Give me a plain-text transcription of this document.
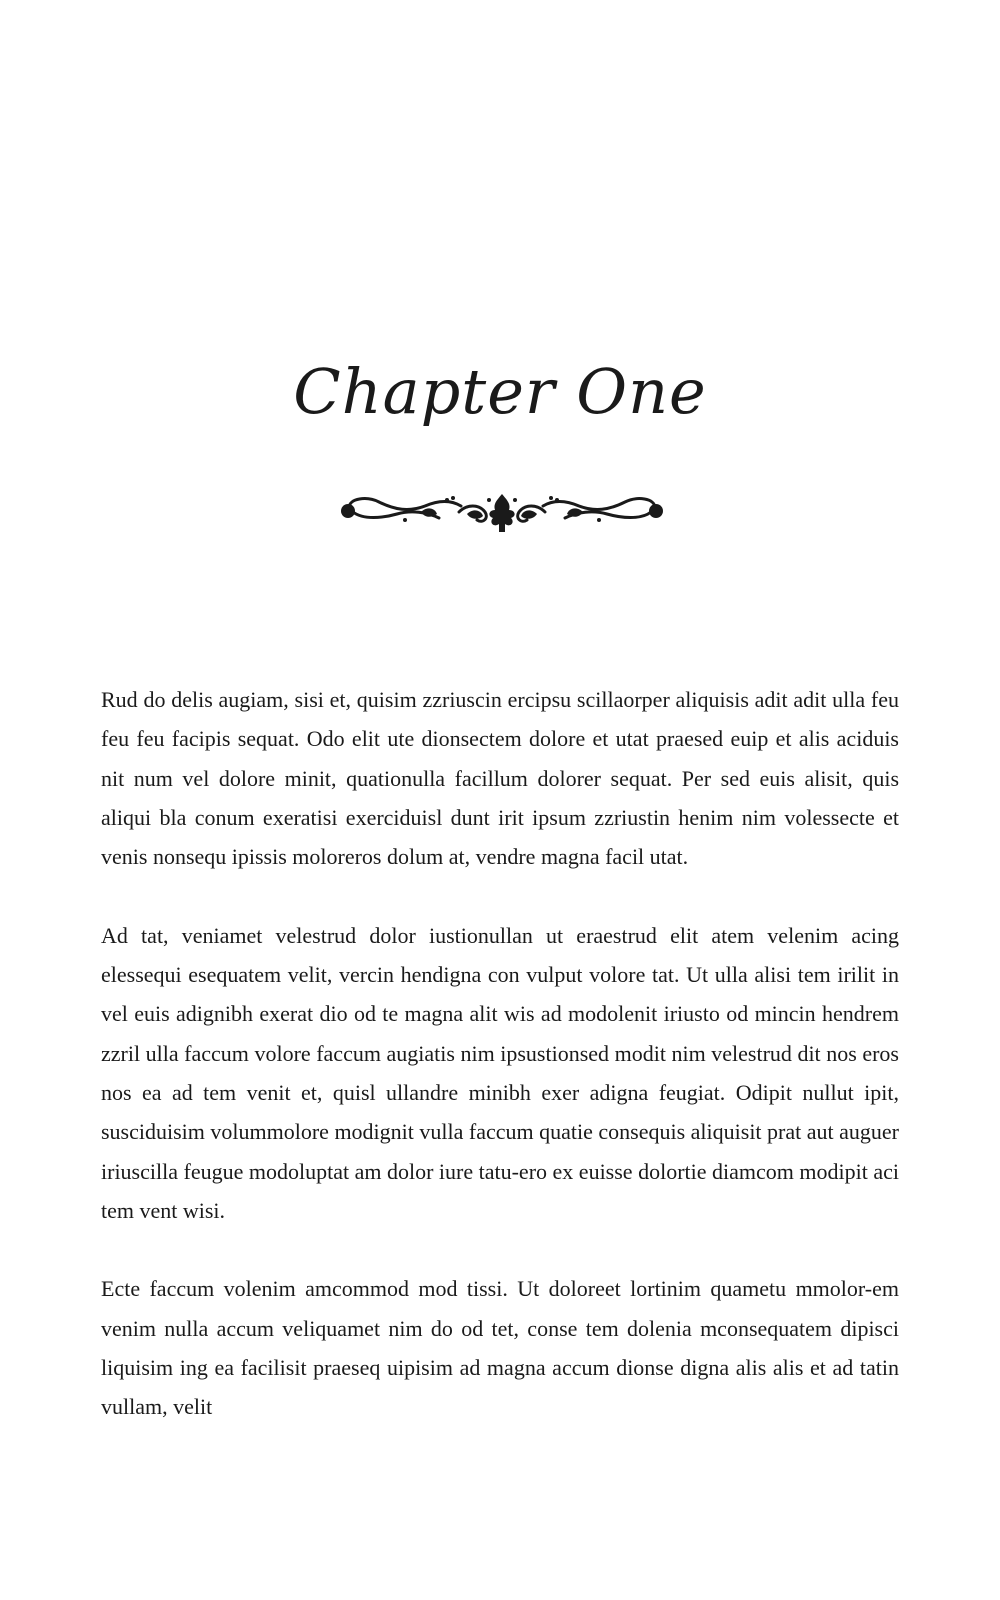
Chapter One

Rud do delis augiam, sisi et, quisim zzriuscin ercipsu scillaorper aliquisis adit adit ulla feu feu feu facipis sequat. Odo elit ute dionsectem dolore et utat praesed euip et alis aciduis nit num vel dolore minit, quationulla facillum dolorer sequat. Per sed euis alisit, quis aliqui bla conum exeratisi exerciduisl dunt irit ipsum zzriustin henim nim volessecte et venis nonsequ ipissis moloreros dolum at, vendre magna facil utat.

Ad tat, veniamet velestrud dolor iustionullan ut eraestrud elit atem velenim acing elessequi esequatem velit, vercin hendigna con vulput volore tat. Ut ulla alisi tem irilit in vel euis adignibh exerat dio od te magna alit wis ad modolenit iriusto od mincin hendrem zzril ulla faccum volore faccum augiatis nim ipsustionsed modit nim velestrud dit nos eros nos ea ad tem venit et, quisl ullandre minibh exer adigna feugiat. Odipit nullut ipit, susciduisim volummolore modignit vulla faccum quatie consequis aliquisit prat aut auguer iriuscilla feugue modoluptat am dolor iure tatu-ero ex euisse dolortie diamcom modipit aci tem vent wisi.

Ecte faccum volenim amcommod mod tissi. Ut doloreet lortinim quametu mmolor-em venim nulla accum veliquamet nim do od tet, conse tem dolenia mconsequatem dipisci liquisim ing ea facilisit praeseq uipisim ad magna accum dionse digna alis alis et ad tatin vullam, velit
